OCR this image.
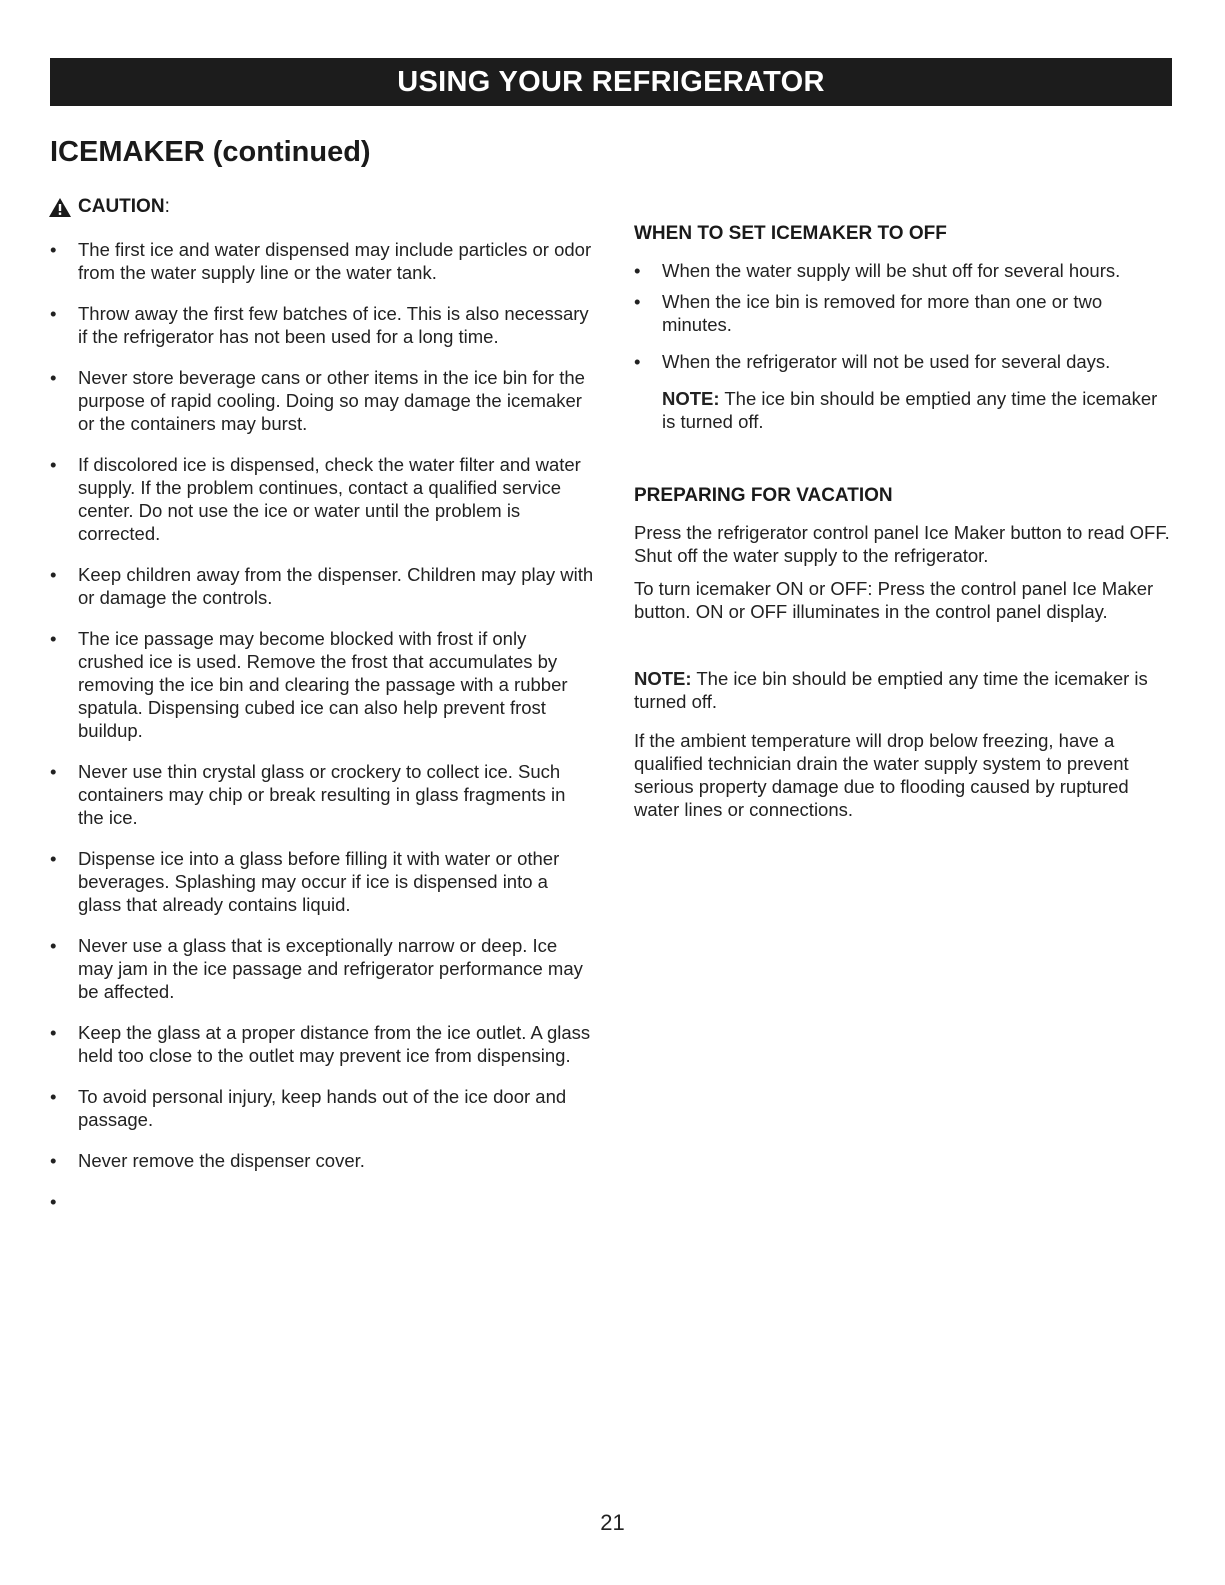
USING YOUR REFRIGERATOR
ICEMAKER (continued)
CAUTION :
• The first ice and water dispensed may include particles or odor from the water supply line or the water tank.
• Throw away the first few batches of ice. This is also necessary if the refrigerator has not been used for a long time.
• Never store beverage cans or other items in the ice bin for the purpose of rapid cooling. Doing so may damage the icemaker or the containers may burst.
• If discolored ice is dispensed, check the water filter and water supply. If the problem continues, contact a qualified service center. Do not use the ice or water until the problem is corrected.
• Keep children away from the dispenser. Children may play with or damage the controls.
• The ice passage may become blocked with frost if only crushed ice is used. Remove the frost that accumulates by removing the ice bin and clearing the passage with a rubber spatula. Dispensing cubed ice can also help prevent frost buildup.
• Never use thin crystal glass or crockery to collect ice. Such containers may chip or break resulting in glass fragments in the ice.
• Dispense ice into a glass before filling it with water or other beverages. Splashing may occur if ice is dispensed into a glass that already contains liquid.
• Never use a glass that is exceptionally narrow or deep. Ice may jam in the ice passage and refrigerator performance may be affected.
• Keep the glass at a proper distance from the ice outlet. A glass held too close to the outlet may prevent ice from dispensing.
• To avoid personal injury, keep hands out of the ice door and passage.
• Never remove the dispenser cover.
•
WHEN TO SET ICEMAKER TO OFF
• When the water supply will be shut off for several hours.
• When the ice bin is removed for more than one or two minutes.
• When the refrigerator will not be used for several days.

NOTE: The ice bin should be emptied any time the icemaker is turned off.

PREPARING FOR VACATION

Press the refrigerator control panel Ice Maker button to read OFF. Shut off the water supply to the refrigerator.

To turn icemaker ON or OFF: Press the control panel Ice Maker button. ON or OFF illuminates in the control panel display.

NOTE: The ice bin should be emptied any time the icemaker is turned off.

If the ambient temperature will drop below freezing, have a qualified technician drain the water supply system to prevent serious property damage due to flooding caused by ruptured water lines or connections.

21
